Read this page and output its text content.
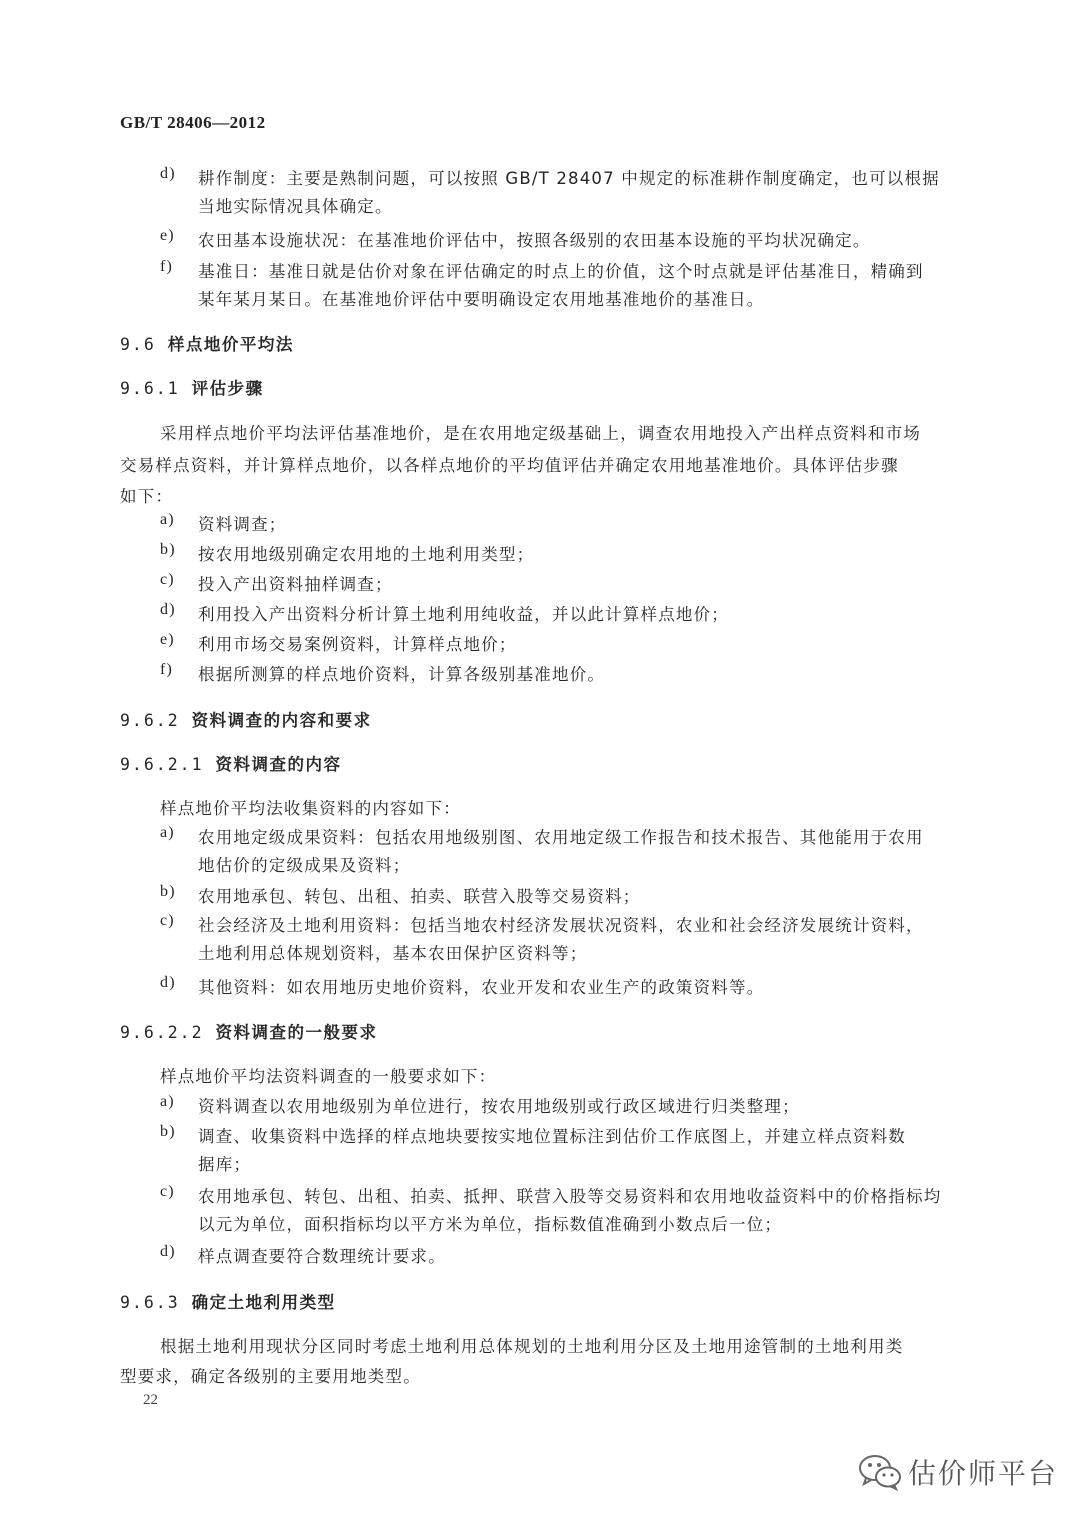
GB/T 28406—2012
d) 耕作制度：主要是熟制问题，可以按照 GB/T 28407 中规定的标准耕作制度确定，也可以根据
当地实际情况具体确定。
e) 农田基本设施状况：在基准地价评估中，按照各级别的农田基本设施的平均状况确定。
f) 基准日：基准日就是估价对象在评估确定的时点上的价值，这个时点就是评估基准日，精确到
某年某月某日。在基准地价评估中要明确设定农用地基准地价的基准日。
9.6 样点地价平均法
9.6.1 评估步骤
采用样点地价平均法评估基准地价，是在农用地定级基础上，调查农用地投入产出样点资料和市场
交易样点资料，并计算样点地价，以各样点地价的平均值评估并确定农用地基准地价。具体评估步骤
如下：
a) 资料调查；
b) 按农用地级别确定农用地的土地利用类型；
c) 投入产出资料抽样调查；
d) 利用投入产出资料分析计算土地利用纯收益，并以此计算样点地价；
e) 利用市场交易案例资料，计算样点地价；
f) 根据所测算的样点地价资料，计算各级别基准地价。
9.6.2 资料调查的内容和要求
9.6.2.1 资料调查的内容
样点地价平均法收集资料的内容如下：
a) 农用地定级成果资料：包括农用地级别图、农用地定级工作报告和技术报告、其他能用于农用
地估价的定级成果及资料；
b) 农用地承包、转包、出租、拍卖、联营入股等交易资料；
c) 社会经济及土地利用资料：包括当地农村经济发展状况资料，农业和社会经济发展统计资料，
土地利用总体规划资料，基本农田保护区资料等；
d) 其他资料：如农用地历史地价资料，农业开发和农业生产的政策资料等。
9.6.2.2 资料调查的一般要求
样点地价平均法资料调查的一般要求如下：
a) 资料调查以农用地级别为单位进行，按农用地级别或行政区域进行归类整理；
b) 调查、收集资料中选择的样点地块要按实地位置标注到估价工作底图上，并建立样点资料数
据库；
c) 农用地承包、转包、出租、拍卖、抵押、联营入股等交易资料和农用地收益资料中的价格指标均
以元为单位，面积指标均以平方米为单位，指标数值准确到小数点后一位；
d) 样点调查要符合数理统计要求。
9.6.3 确定土地利用类型
根据土地利用现状分区同时考虑土地利用总体规划的土地利用分区及土地用途管制的土地利用类
型要求，确定各级别的主要用地类型。
22
估价师平台
